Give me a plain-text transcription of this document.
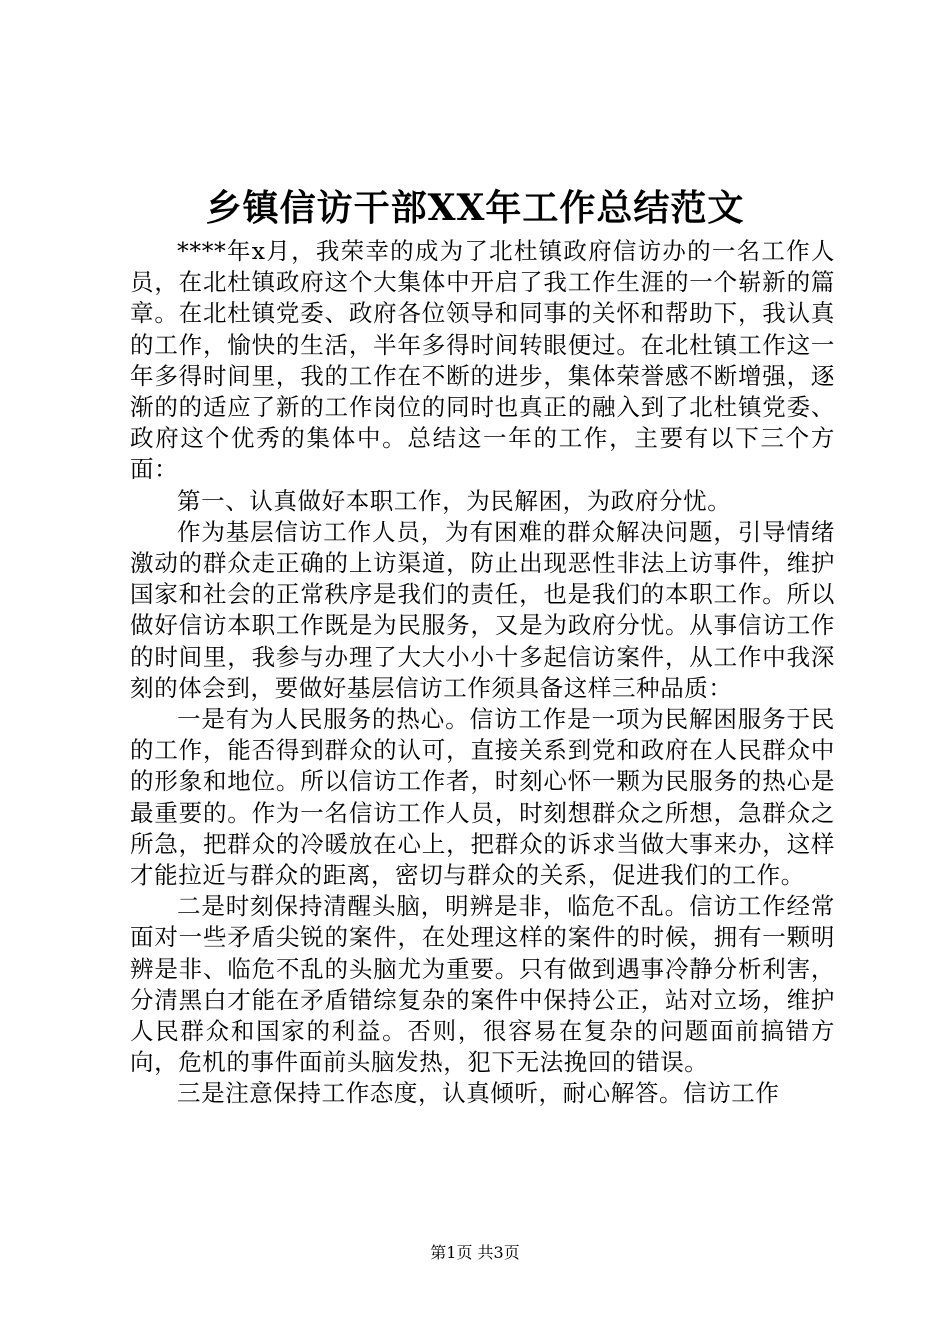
乡镇信访干部XX年工作总结范文

****年x月，我荣幸的成为了北杜镇政府信访办的一名工作人员，在北杜镇政府这个大集体中开启了我工作生涯的一个崭新的篇章。在北杜镇党委、政府各位领导和同事的关怀和帮助下，我认真的工作，愉快的生活，半年多得时间转眼便过。在北杜镇工作这一年多得时间里，我的工作在不断的进步，集体荣誉感不断增强，逐渐的的适应了新的工作岗位的同时也真正的融入到了北杜镇党委、政府这个优秀的集体中。总结这一年的工作，主要有以下三个方面：

第一、认真做好本职工作，为民解困，为政府分忧。

作为基层信访工作人员，为有困难的群众解决问题，引导情绪激动的群众走正确的上访渠道，防止出现恶性非法上访事件，维护国家和社会的正常秩序是我们的责任，也是我们的本职工作。所以做好信访本职工作既是为民服务，又是为政府分忧。从事信访工作的时间里，我参与办理了大大小小十多起信访案件，从工作中我深刻的体会到，要做好基层信访工作须具备这样三种品质：

一是有为人民服务的热心。信访工作是一项为民解困服务于民的工作，能否得到群众的认可，直接关系到党和政府在人民群众中的形象和地位。所以信访工作者，时刻心怀一颗为民服务的热心是最重要的。作为一名信访工作人员，时刻想群众之所想，急群众之所急，把群众的冷暖放在心上，把群众的诉求当做大事来办，这样才能拉近与群众的距离，密切与群众的关系，促进我们的工作。

二是时刻保持清醒头脑，明辨是非，临危不乱。信访工作经常面对一些矛盾尖锐的案件，在处理这样的案件的时候，拥有一颗明辨是非、临危不乱的头脑尤为重要。只有做到遇事冷静分析利害，分清黑白才能在矛盾错综复杂的案件中保持公正，站对立场，维护人民群众和国家的利益。否则，很容易在复杂的问题面前搞错方向，危机的事件面前头脑发热，犯下无法挽回的错误。

三是注意保持工作态度，认真倾听，耐心解答。信访工作

第1页 共3页
